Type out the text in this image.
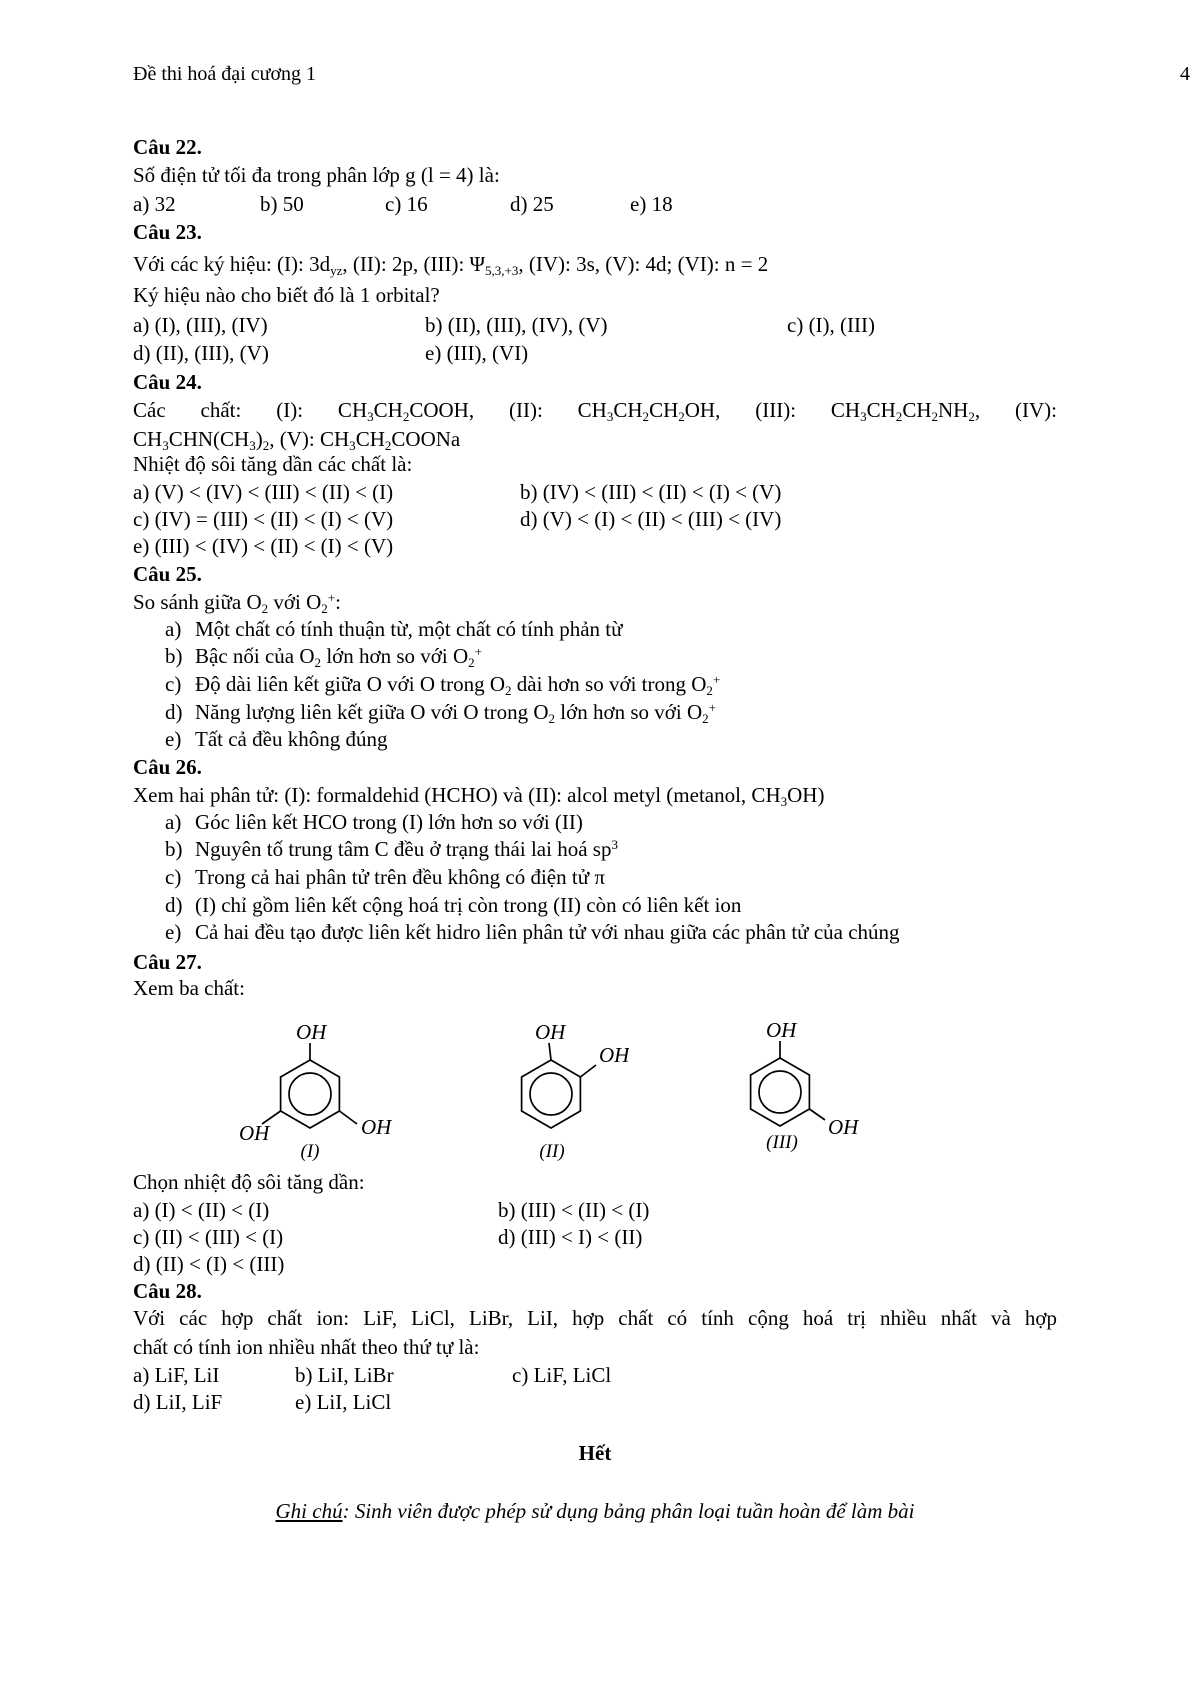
Đề thi hoá đại cương 1	4
Câu 22.
Số điện tử tối đa trong phân lớp g (l = 4) là:
a) 32	b) 50	c) 16	d) 25	e) 18
Câu 23.
Với các ký hiệu: (I): $3d_{yz}$, (II): 2p, (III): $\Psi_{5,3,+3}$, (IV): 3s, (V): 4d; (VI): n = 2
Ký hiệu nào cho biết đó là 1 orbital?
a) (I), (III), (IV)	b) (II), (III), (IV), (V)	c) (I), (III)
d) (II), (III), (V)	e) (III), (VI)
Câu 24.
Các chất: (I): $CH_3CH_2COOH$, (II): $CH_3CH_2CH_2OH$, (III): $CH_3CH_2CH_2NH_2$, (IV):
$CH_3CHN(CH_3)_2$, (V): $CH_3CH_2COONa$
Nhiệt độ sôi tăng dần các chất là:
a) (V) < (IV) < (III) < (II) < (I)	b) (IV) < (III) < (II) < (I) < (V)
c) (IV) = (III) < (II) < (I) < (V)	d) (V) < (I) < (II) < (III) < (IV)
e) (III) < (IV) < (II) < (I) < (V)
Câu 25.
So sánh giữa $O_2$ với $O_2^+$:
a) Một chất có tính thuận từ, một chất có tính phản từ
b) Bậc nối của $O_2$ lớn hơn so với $O_2^+$
c) Độ dài liên kết giữa O với O trong $O_2$ dài hơn so với trong $O_2^+$
d) Năng lượng liên kết giữa O với O trong $O_2$ lớn hơn so với $O_2^+$
e) Tất cả đều không đúng
Câu 26.
Xem hai phân tử: (I): formaldehid (HCHO) và (II): alcol metyl (metanol, $CH_3OH$)
a) Góc liên kết HCO trong (I) lớn hơn so với (II)
b) Nguyên tố trung tâm C đều ở trạng thái lai hoá $sp^3$
c) Trong cả hai phân tử trên đều không có điện tử π
d) (I) chỉ gồm liên kết cộng hoá trị còn trong (II) còn có liên kết ion
e) Cả hai đều tạo được liên kết hidro liên phân tử với nhau giữa các phân tử của chúng
Câu 27.
Xem ba chất:
OH
OH	OH
(I)
OH
OH
(II)
OH
OH
(III)
Chọn nhiệt độ sôi tăng dần:
a) (I) < (II) < (I)	b) (III) < (II) < (I)
c) (II) < (III) < (I)	d) (III) < I) < (II)
d) (II) < (I) < (III)
Câu 28.
Với các hợp chất ion: LiF, LiCl, LiBr, LiI, hợp chất có tính cộng hoá trị nhiều nhất và hợp
chất có tính ion nhiều nhất theo thứ tự là:
a) LiF, LiI	b) LiI, LiBr	c) LiF, LiCl
d) LiI, LiF	e) LiI, LiCl
Hết
Ghi chú: Sinh viên được phép sử dụng bảng phân loại tuần hoàn để làm bài
